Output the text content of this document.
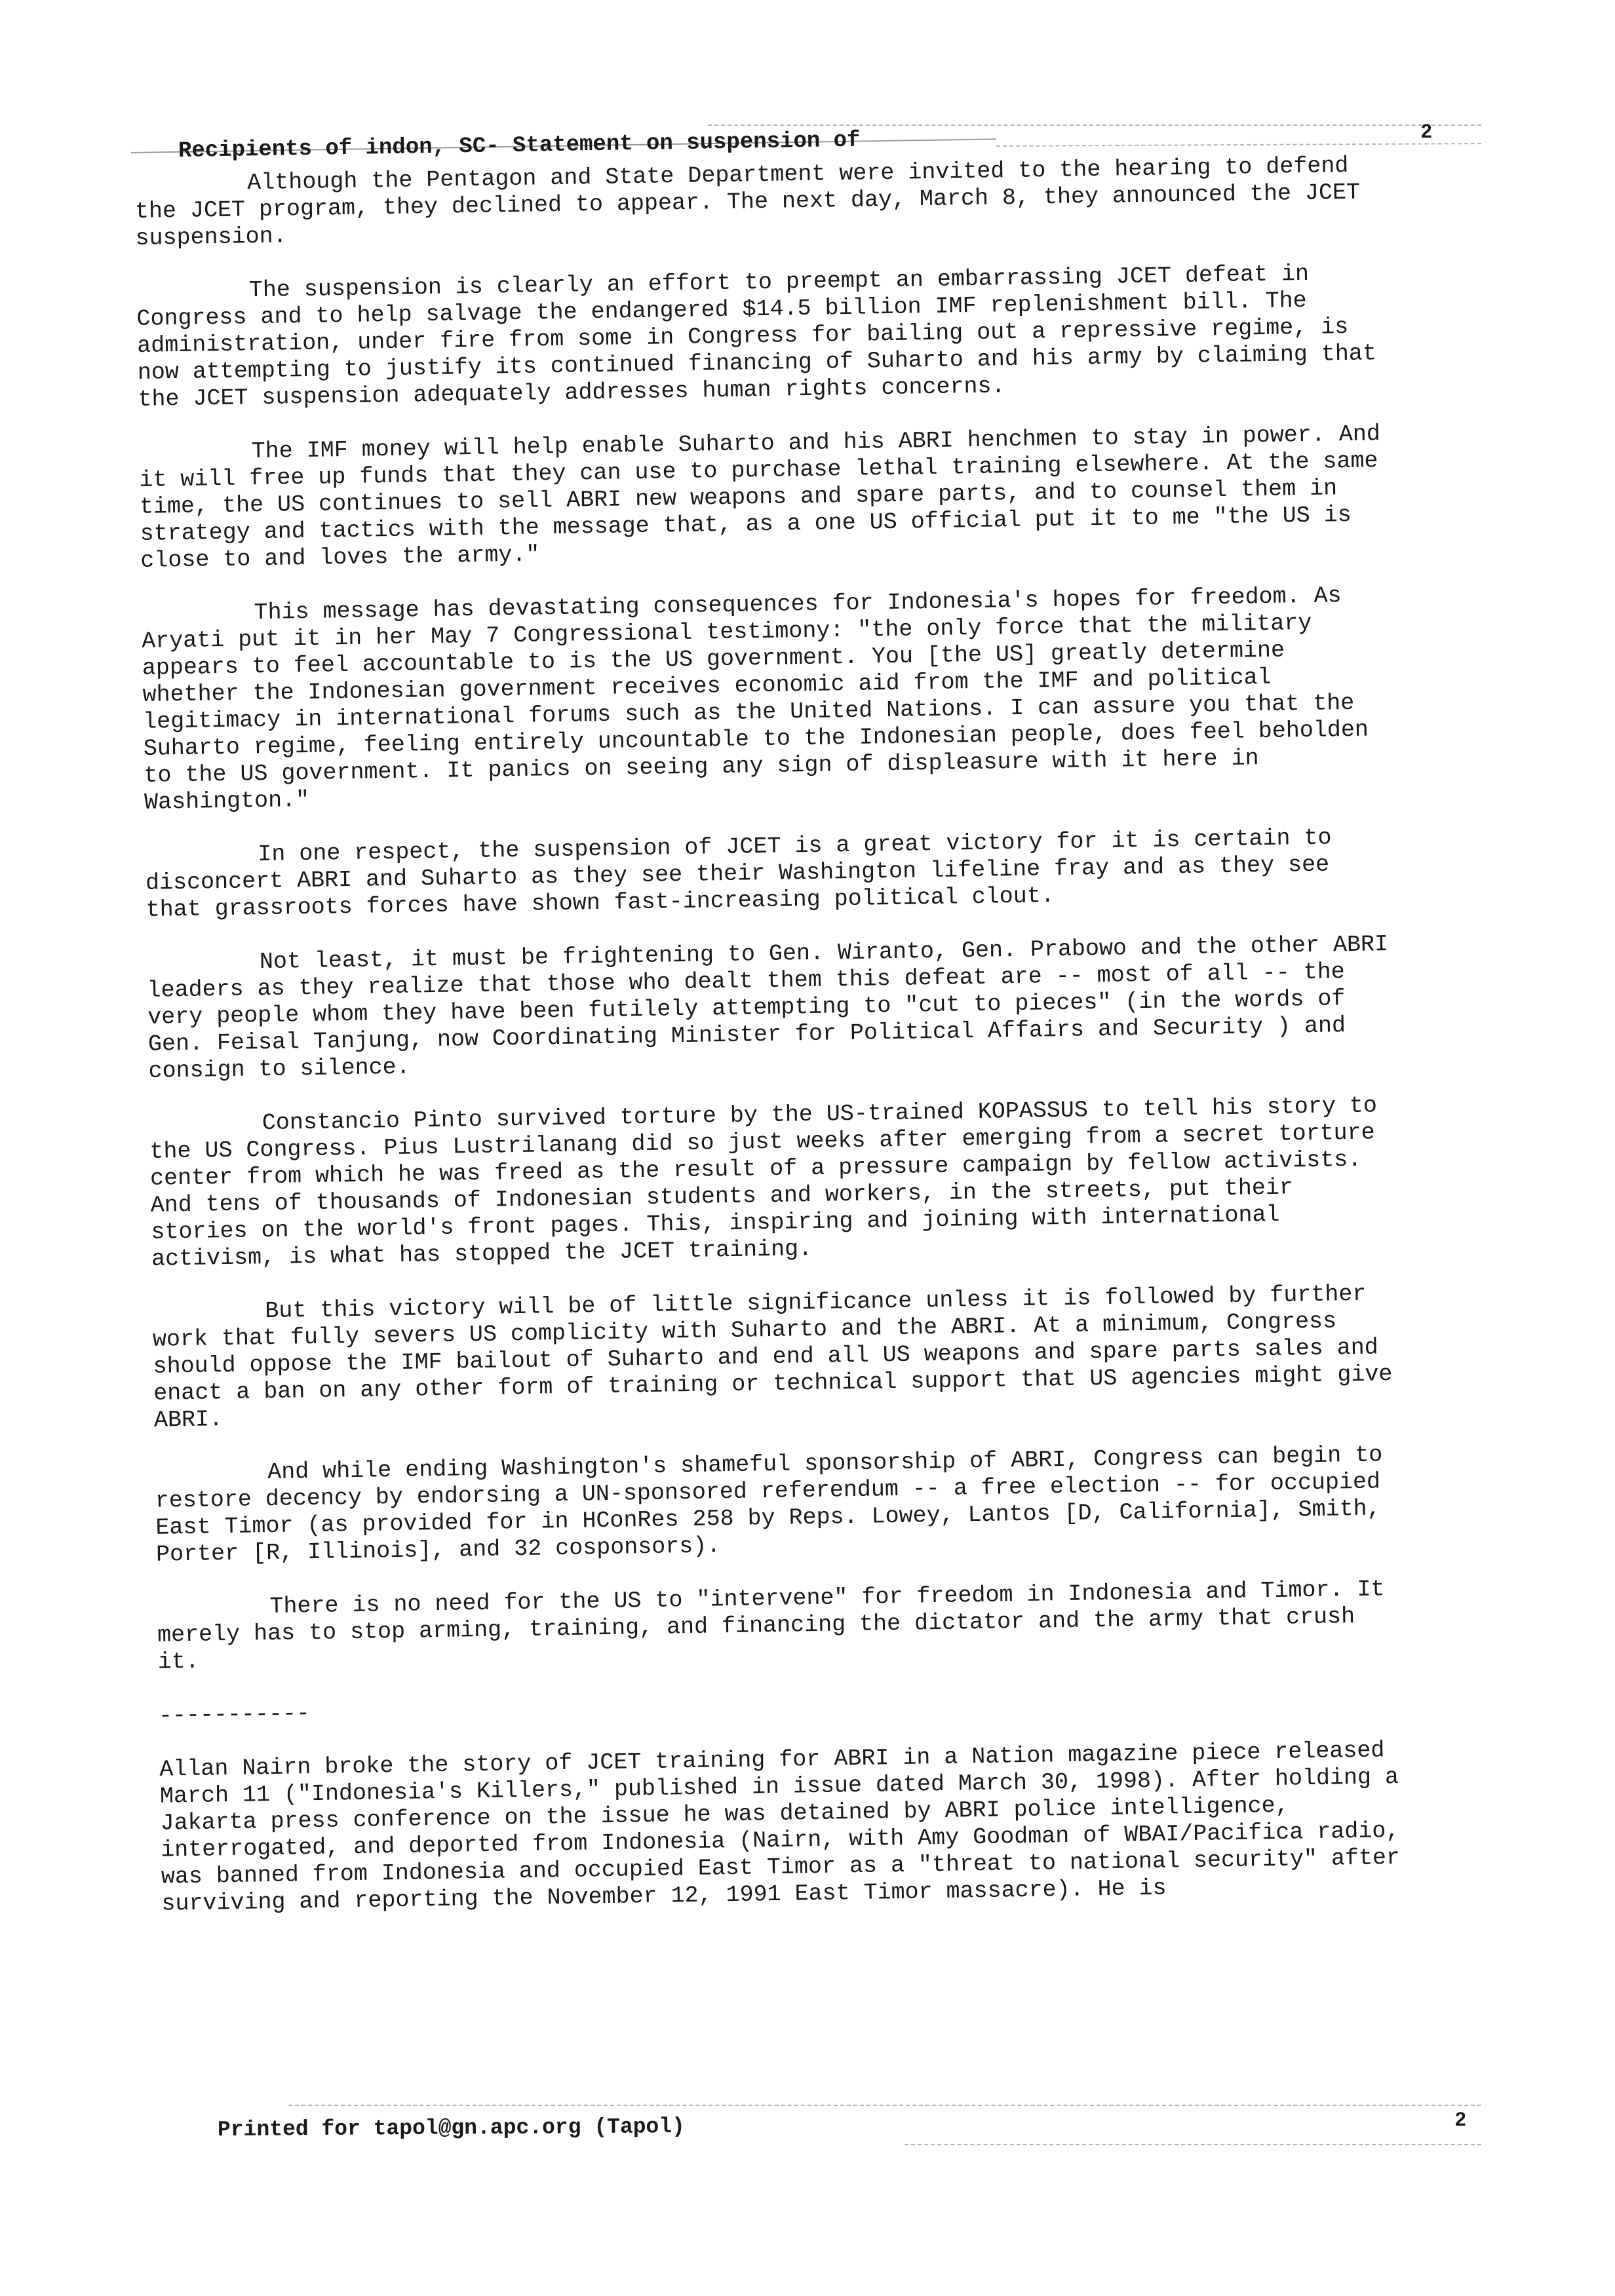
2
Recipients of indon, SC- Statement on suspension of

Although the Pentagon and State Department were invited to the hearing to defend the JCET program, they declined to appear. The next day, March 8, they announced the JCET suspension.

The suspension is clearly an effort to preempt an embarrassing JCET defeat in Congress and to help salvage the endangered $14.5 billion IMF replenishment bill. The administration, under fire from some in Congress for bailing out a repressive regime, is now attempting to justify its continued financing of Suharto and his army by claiming that the JCET suspension adequately addresses human rights concerns.

The IMF money will help enable Suharto and his ABRI henchmen to stay in power. And it will free up funds that they can use to purchase lethal training elsewhere. At the same time, the US continues to sell ABRI new weapons and spare parts, and to counsel them in strategy and tactics with the message that, as a one US official put it to me "the US is close to and loves the army."

This message has devastating consequences for Indonesia's hopes for freedom. As Aryati put it in her May 7 Congressional testimony: "the only force that the military appears to feel accountable to is the US government. You [the US] greatly determine whether the Indonesian government receives economic aid from the IMF and political legitimacy in international forums such as the United Nations. I can assure you that the Suharto regime, feeling entirely uncountable to the Indonesian people, does feel beholden to the US government. It panics on seeing any sign of displeasure with it here in Washington."

In one respect, the suspension of JCET is a great victory for it is certain to disconcert ABRI and Suharto as they see their Washington lifeline fray and as they see that grassroots forces have shown fast-increasing political clout.

Not least, it must be frightening to Gen. Wiranto, Gen. Prabowo and the other ABRI leaders as they realize that those who dealt them this defeat are -- most of all -- the very people whom they have been futilely attempting to "cut to pieces" (in the words of Gen. Feisal Tanjung, now Coordinating Minister for Political Affairs and Security ) and consign to silence.

Constancio Pinto survived torture by the US-trained KOPASSUS to tell his story to the US Congress. Pius Lustrilanang did so just weeks after emerging from a secret torture center from which he was freed as the result of a pressure campaign by fellow activists. And tens of thousands of Indonesian students and workers, in the streets, put their stories on the world's front pages. This, inspiring and joining with international activism, is what has stopped the JCET training.

But this victory will be of little significance unless it is followed by further work that fully severs US complicity with Suharto and the ABRI. At a minimum, Congress should oppose the IMF bailout of Suharto and end all US weapons and spare parts sales and enact a ban on any other form of training or technical support that US agencies might give ABRI.

And while ending Washington's shameful sponsorship of ABRI, Congress can begin to restore decency by endorsing a UN-sponsored referendum -- a free election -- for occupied East Timor (as provided for in HConRes 258 by Reps. Lowey, Lantos [D, California], Smith, Porter [R, Illinois], and 32 cosponsors).

There is no need for the US to "intervene" for freedom in Indonesia and Timor. It merely has to stop arming, training, and financing the dictator and the army that crush it.

-----------

Allan Nairn broke the story of JCET training for ABRI in a Nation magazine piece released March 11 ("Indonesia's Killers," published in issue dated March 30, 1998). After holding a Jakarta press conference on the issue he was detained by ABRI police intelligence, interrogated, and deported from Indonesia (Nairn, with Amy Goodman of WBAI/Pacifica radio, was banned from Indonesia and occupied East Timor as a "threat to national security" after surviving and reporting the November 12, 1991 East Timor massacre). He is

Printed for tapol@gn.apc.org (Tapol)	2
